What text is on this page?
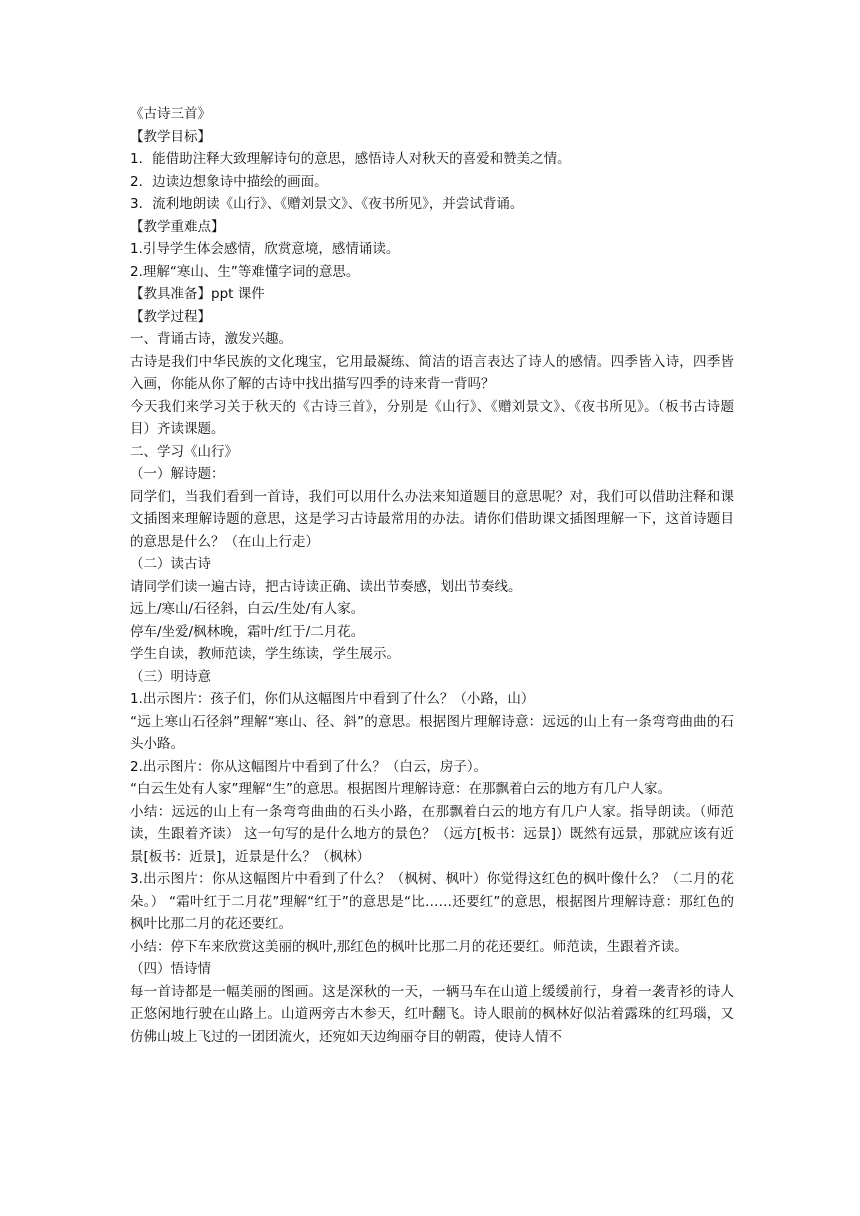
《古诗三首》
【教学目标】
1．能借助注释大致理解诗句的意思，感悟诗人对秋天的喜爱和赞美之情。
2．边读边想象诗中描绘的画面。
3．流利地朗读《山行》、《赠刘景文》、《夜书所见》，并尝试背诵。
【教学重难点】
1.引导学生体会感情，欣赏意境，感情诵读。
2.理解“寒山、生”等难懂字词的意思。
【教具准备】ppt 课件
【教学过程】
一、背诵古诗，激发兴趣。
古诗是我们中华民族的文化瑰宝，它用最凝练、简洁的语言表达了诗人的感情。四季皆入诗，四季皆入画，你能从你了解的古诗中找出描写四季的诗来背一背吗？
今天我们来学习关于秋天的《古诗三首》，分别是《山行》、《赠刘景文》、《夜书所见》。（板书古诗题目）齐读课题。
二、学习《山行》
（一）解诗题：
同学们，当我们看到一首诗，我们可以用什么办法来知道题目的意思呢？对，我们可以借助注释和课文插图来理解诗题的意思，这是学习古诗最常用的办法。请你们借助课文插图理解一下，这首诗题目的意思是什么？（在山上行走）
（二）读古诗
请同学们读一遍古诗，把古诗读正确、读出节奏感，划出节奏线。
远上/寒山/石径斜，白云/生处/有人家。
停车/坐爱/枫林晚，霜叶/红于/二月花。
学生自读，教师范读，学生练读，学生展示。
（三）明诗意
1.出示图片：孩子们，你们从这幅图片中看到了什么？（小路，山）
“远上寒山石径斜”理解“寒山、径、斜”的意思。根据图片理解诗意：远远的山上有一条弯弯曲曲的石头小路。
2.出示图片：你从这幅图片中看到了什么？（白云，房子）。
“白云生处有人家”理解“生”的意思。根据图片理解诗意：在那飘着白云的地方有几户人家。
小结：远远的山上有一条弯弯曲曲的石头小路，在那飘着白云的地方有几户人家。指导朗读。（师范读，生跟着齐读） 这一句写的是什么地方的景色？（远方[板书：远景]）既然有远景，那就应该有近景[板书：近景]，近景是什么？（枫林）
3.出示图片：你从这幅图片中看到了什么？（枫树、枫叶）你觉得这红色的枫叶像什么？（二月的花朵。） “霜叶红于二月花”理解“红于”的意思是“比……还要红”的意思，根据图片理解诗意：那红色的枫叶比那二月的花还要红。
小结：停下车来欣赏这美丽的枫叶,那红色的枫叶比那二月的花还要红。师范读，生跟着齐读。
（四）悟诗情
每一首诗都是一幅美丽的图画。这是深秋的一天，一辆马车在山道上缓缓前行，身着一袭青衫的诗人正悠闲地行驶在山路上。山道两旁古木参天，红叶翻飞。诗人眼前的枫林好似沾着露珠的红玛瑙，又仿佛山坡上飞过的一团团流火，还宛如天边绚丽夺目的朝霞，使诗人情不
